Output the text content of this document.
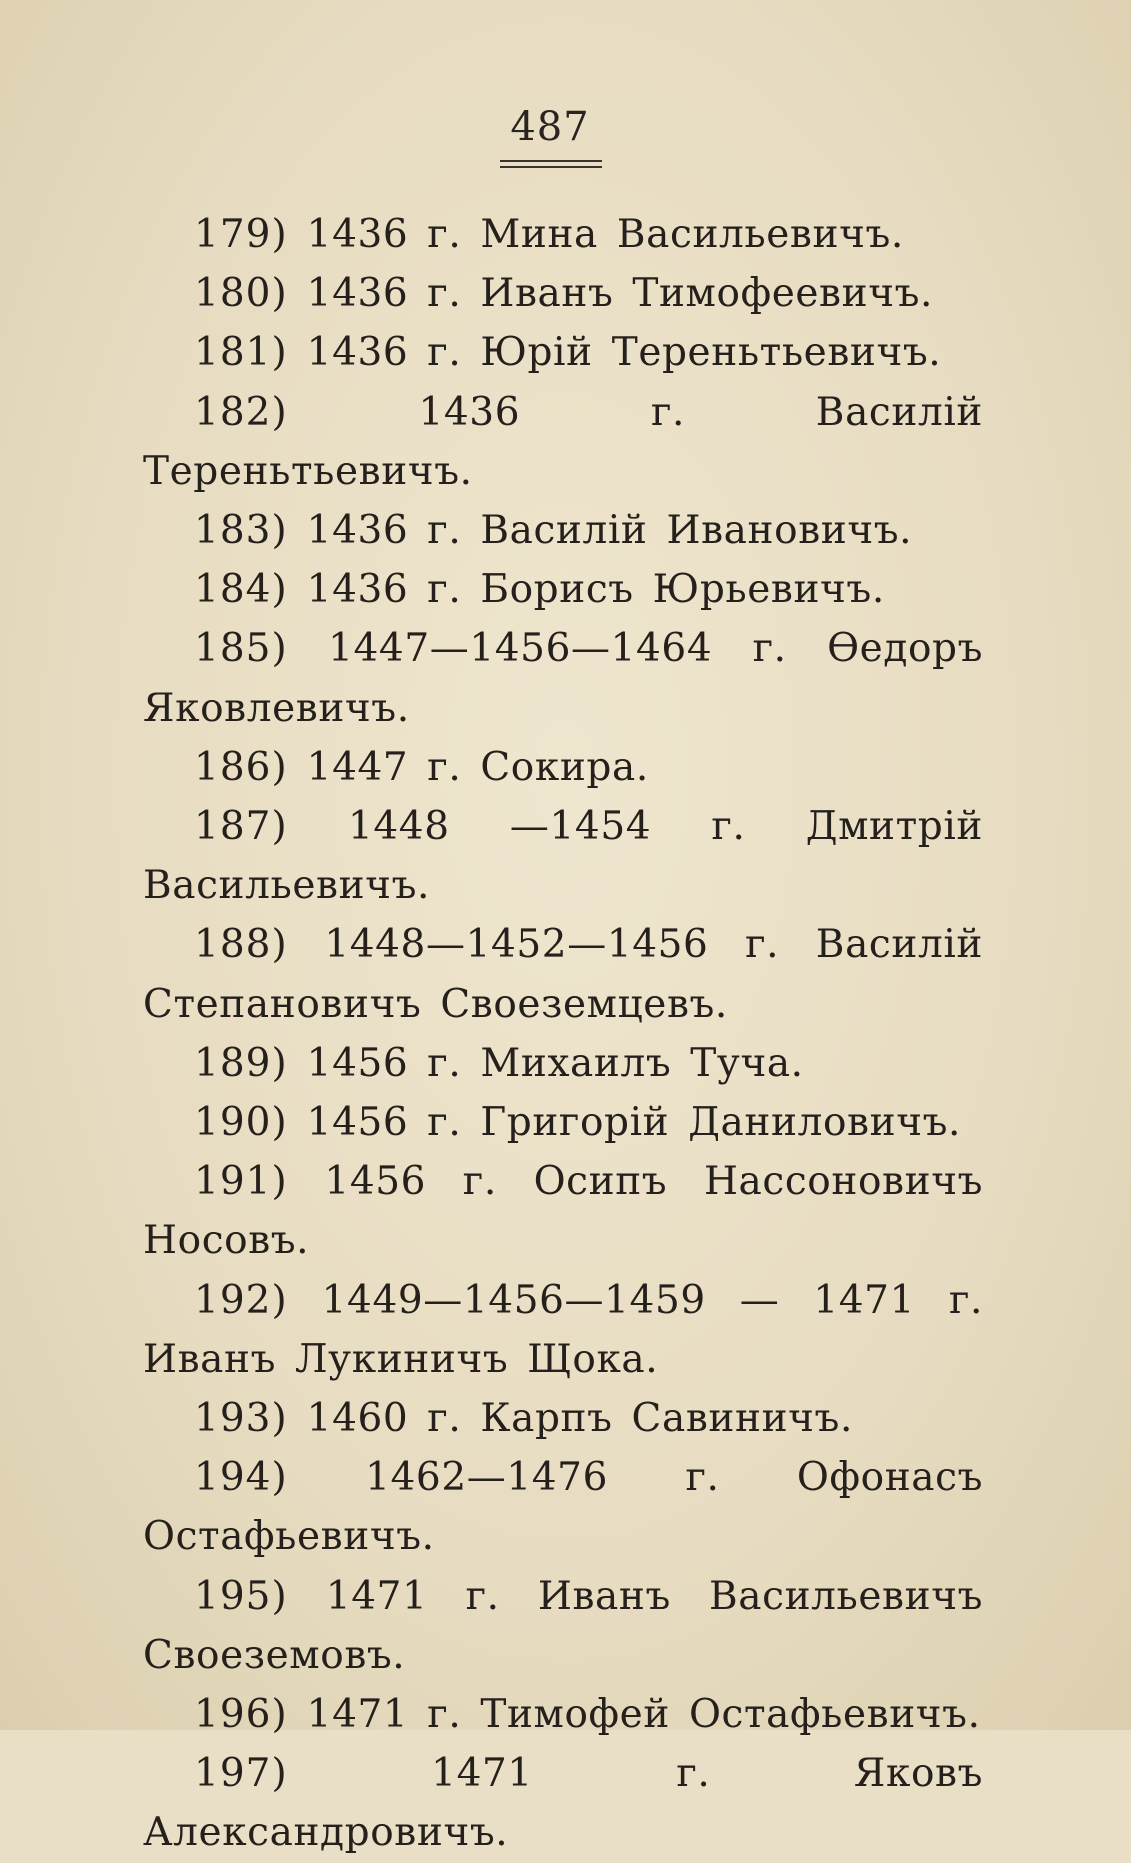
487

179) 1436 г. Мина Васильевичъ.

180) 1436 г. Иванъ Тимофеевичъ.

181) 1436 г. Юрій Тереньтьевичъ.

182)	1436 г. Василій Тереньтьевичъ.

183) 1436 г. Василій Ивановичъ.

184) 1436 г. Борисъ Юрьевичъ.

185) 1447—1456—1464 г. Ѳедоръ Яковлевичъ.

186) 1447 г. Сокира.

187) 1448 —1454 г. Дмитрій Васильевичъ.

188) 1448—1452—1456 г. Василій Степановичъ Своеземцевъ.

189) 1456 г. Михаилъ Туча.

190) 1456 г. Григорій Даниловичъ.

191) 1456 г. Осипъ Нассоновичъ Носовъ.

192) 1449—1456—1459 — 1471 г. Иванъ Лукиничъ Щока.

193) 1460 г. Карпъ Савиничъ.

194) 1462—1476 г. Офонасъ Остафьевичъ.

195) 1471 г. Иванъ Васильевичъ Своеземовъ.

196) 1471 г. Тимофей Остафьевичъ.

197)	1471 г. Яковъ Александровичъ.
